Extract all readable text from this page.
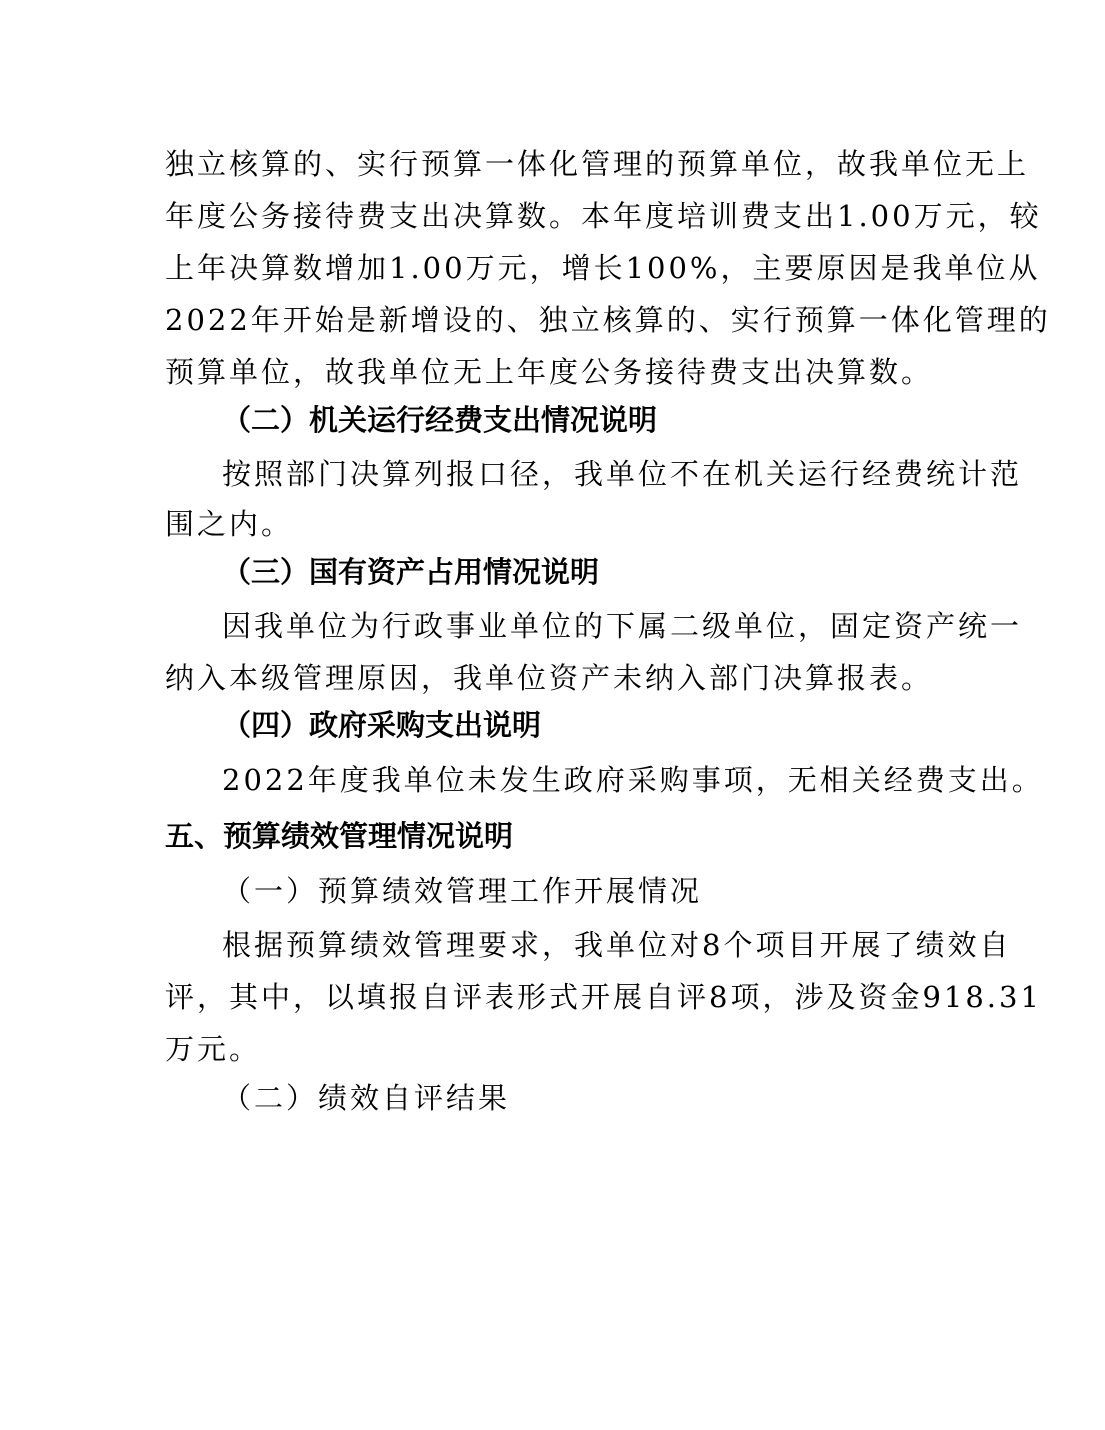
独立核算的、实行预算一体化管理的预算单位，故我单位无上
年度公务接待费支出决算数。本年度培训费支出1.00万元，较
上年决算数增加1.00万元，增长100%，主要原因是我单位从
2022年开始是新增设的、独立核算的、实行预算一体化管理的
预算单位，故我单位无上年度公务接待费支出决算数。
（二）机关运行经费支出情况说明
按照部门决算列报口径，我单位不在机关运行经费统计范
围之内。
（三）国有资产占用情况说明
因我单位为行政事业单位的下属二级单位，固定资产统一
纳入本级管理原因，我单位资产未纳入部门决算报表。
（四）政府采购支出说明
2022年度我单位未发生政府采购事项，无相关经费支出。
五、预算绩效管理情况说明
（一）预算绩效管理工作开展情况
根据预算绩效管理要求，我单位对8个项目开展了绩效自
评，其中，以填报自评表形式开展自评8项，涉及资金918.31
万元。
（二）绩效自评结果
